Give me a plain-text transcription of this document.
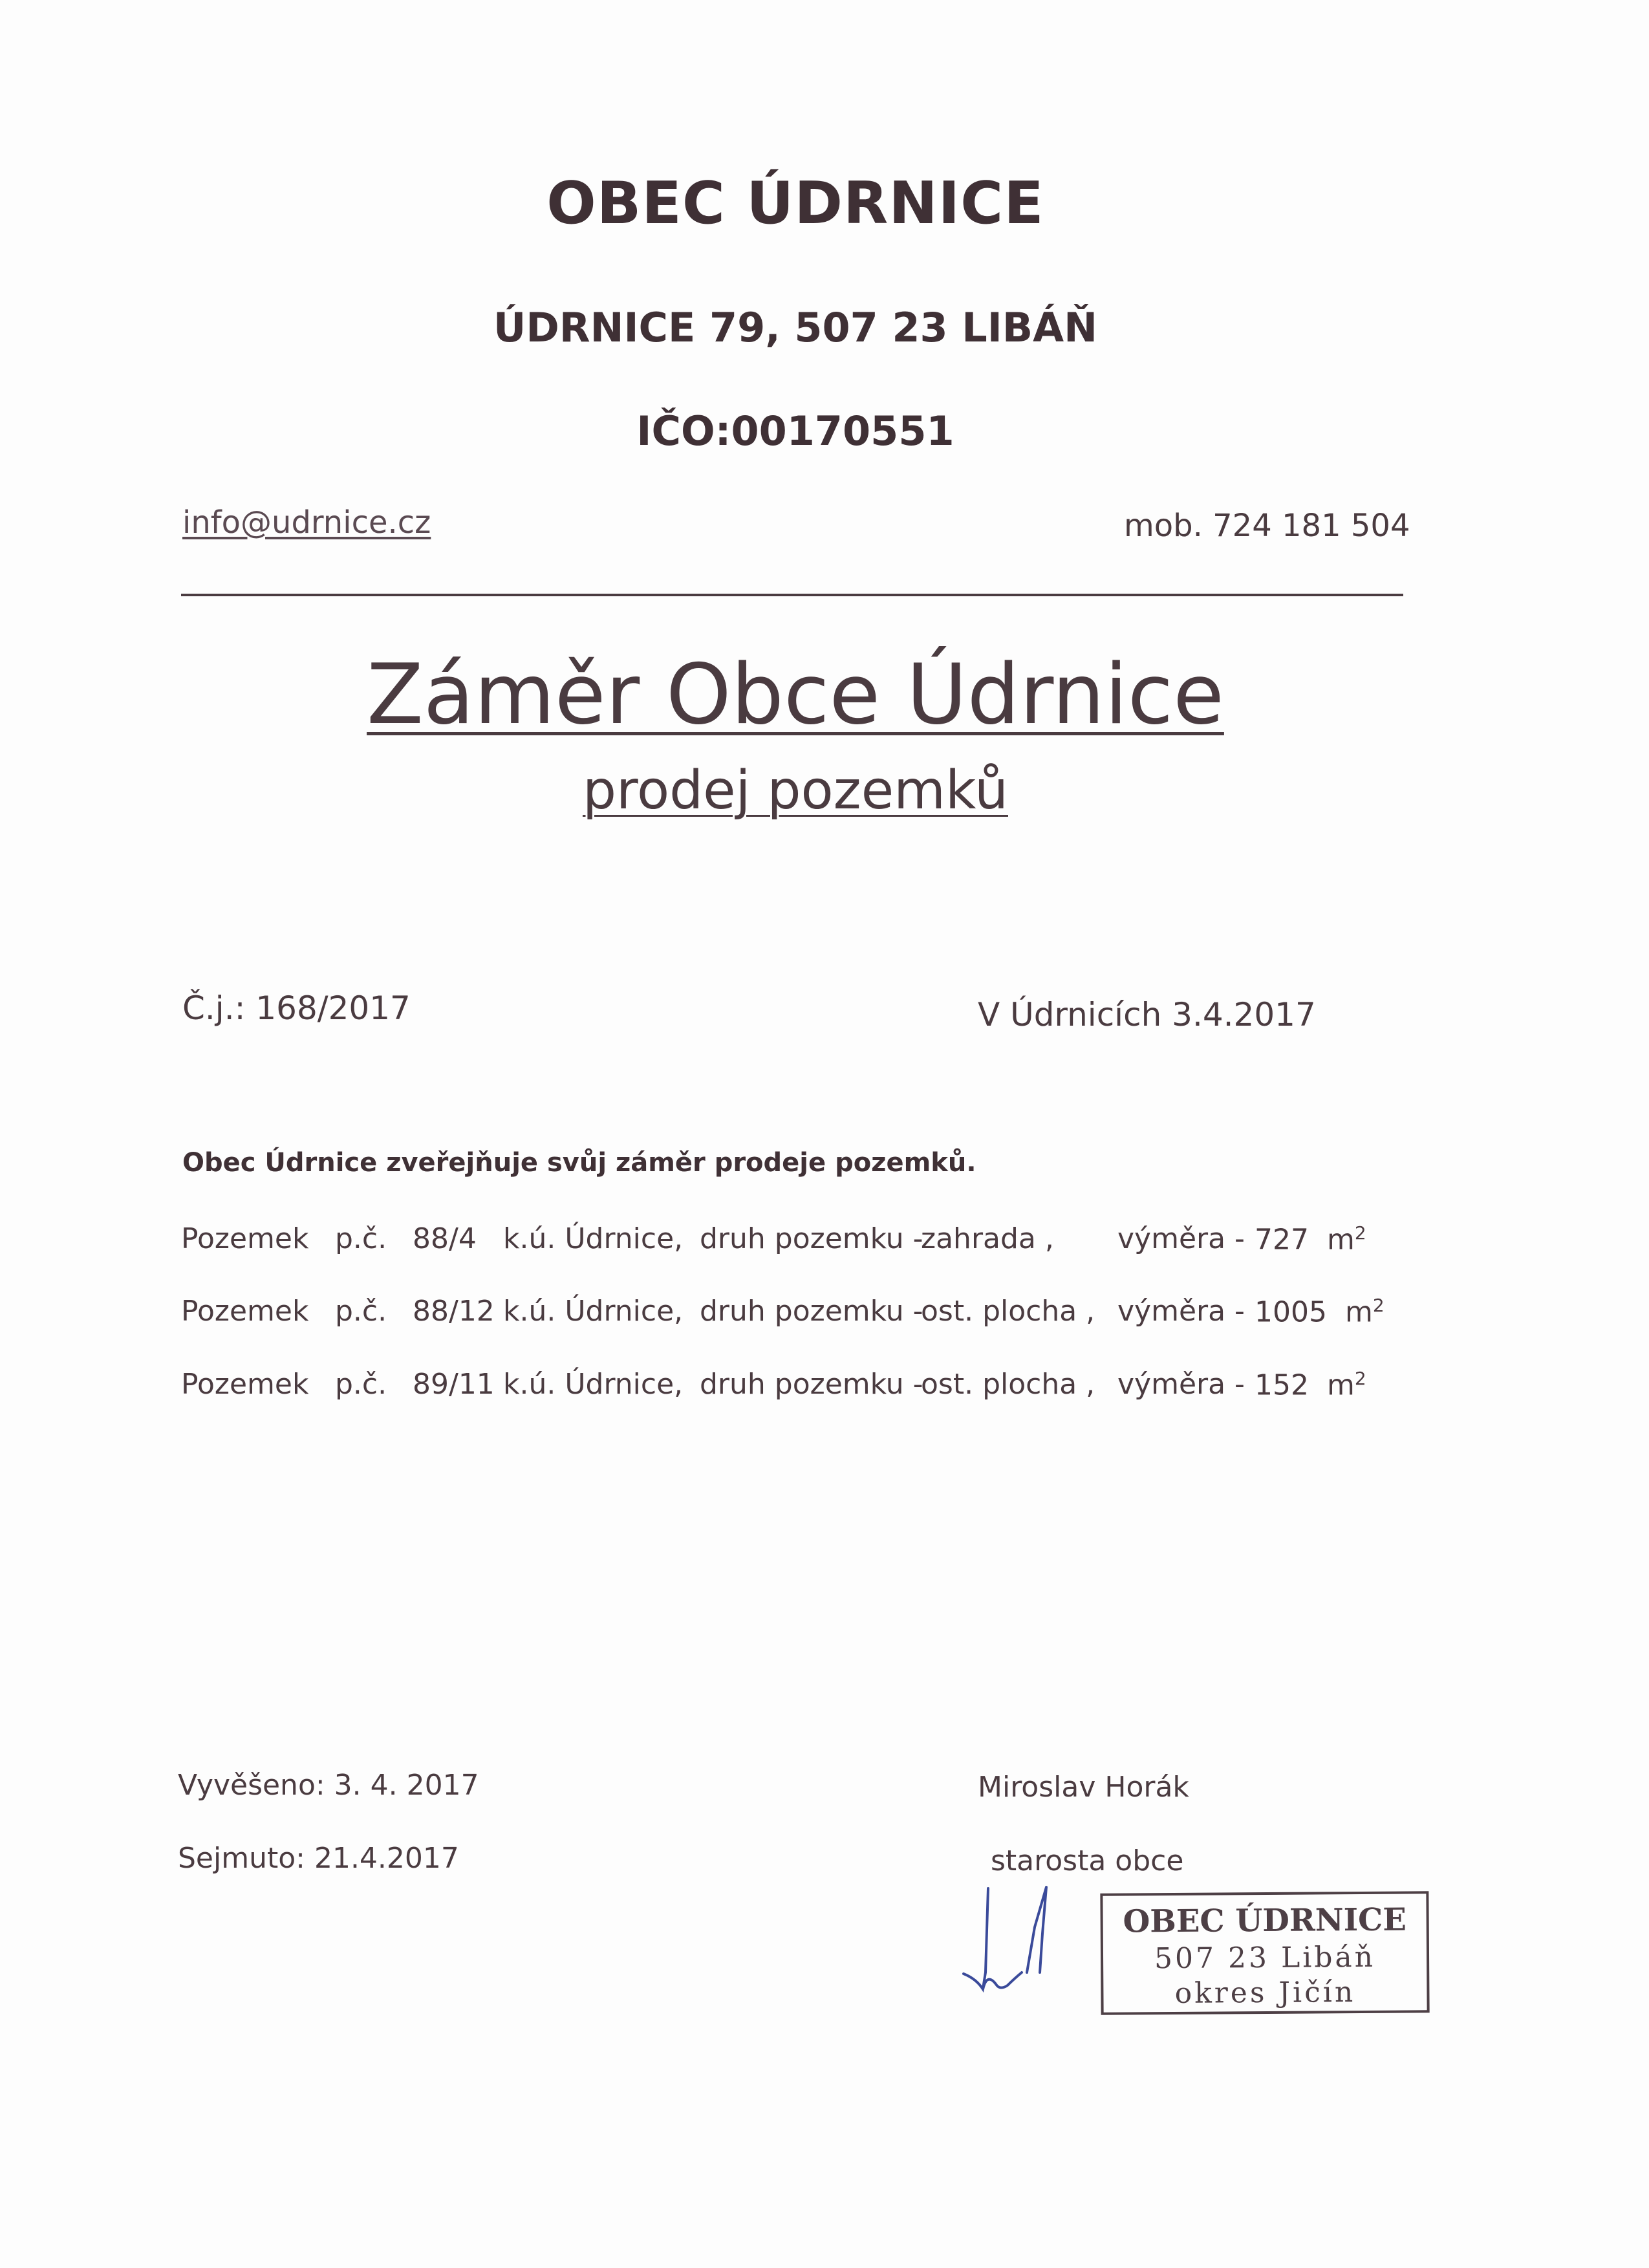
OBEC ÚDRNICE
ÚDRNICE 79, 507 23 LIBÁŇ
IČO:00170551
info@udrnice.cz	mob. 724 181 504
Záměr Obce Údrnice
prodej pozemků
Č.j.: 168/2017	V Údrnicích 3.4.2017
Obec Údrnice zveřejňuje svůj záměr prodeje pozemků.
Pozemek p.č. 88/4 k.ú. Údrnice, druh pozemku -
zahrada , výměra - 727 $m^2$
Pozemek p.č. 88/12 k.ú. Údrnice, druh pozemku -
ost. plocha , výměra - 1005 $m^2$
Pozemek p.č. 89/11 k.ú. Údrnice, druh pozemku -
ost. plocha , výměra - 152 $m^2$
Vyvěšeno: 3. 4. 2017
Sejmuto: 21.4.2017
Miroslav Horák
starosta obce
OBEC ÚDRNICE
507 23 Libáň
okres Jičín
